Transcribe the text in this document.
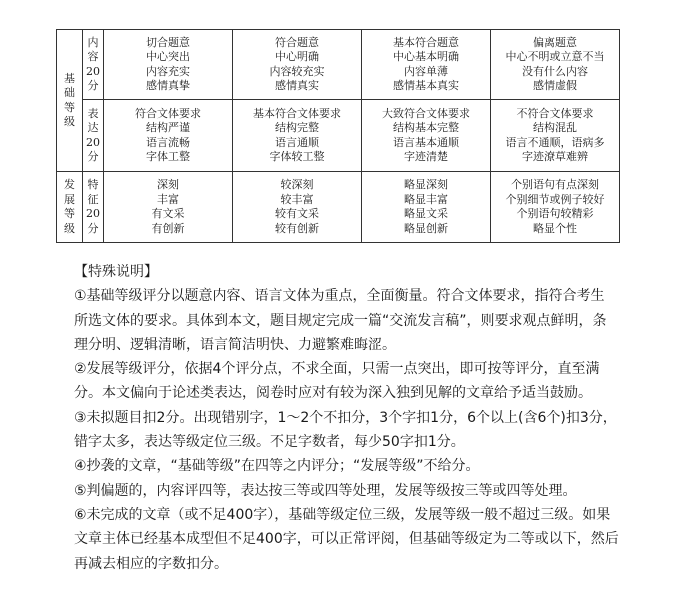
基
础
等
级	内
容
20
分	切合题意
中心突出
内容充实
感情真挚	符合题意
中心明确
内容较充实
感情真实	基本符合题意
中心基本明确
内容单薄
感情基本真实	偏离题意
中心不明或立意不当
没有什么内容
感情虚假

	表
达
20
分	符合文体要求
结构严谨
语言流畅
字体工整	基本符合文体要求
结构完整
语言通顺
字体较工整	大致符合文体要求
结构基本完整
语言基本通顺
字迹清楚	不符合文体要求
结构混乱
语言不通顺，语病多
字迹潦草难辨

发
展
等
级	特
征
20
分	深刻
丰富
有文采
有创新	较深刻
较丰富
较有文采
较有创新	略显深刻
略显丰富
略显文采
略显创新	个别语句有点深刻
个别细节或例子较好
个别语句较精彩
略显个性

【特殊说明】

①基础等级评分以题意内容、语言文体为重点，全面衡量。符合文体要求，指符合考生

所选文体的要求。具体到本文，题目规定完成一篇“交流发言稿”，则要求观点鲜明，条

理分明、逻辑清晰，语言简洁明快、力避繁难晦涩。

②发展等级评分，依据4个评分点，不求全面，只需一点突出，即可按等评分，直至满

分。本文偏向于论述类表达，阅卷时应对有较为深入独到见解的文章给予适当鼓励。

③未拟题目扣2分。出现错别字，1～2个不扣分，3个字扣1分，6个以上(含6个)扣3分，

错字太多，表达等级定位三级。不足字数者，每少50字扣1分。

④抄袭的文章，“基础等级”在四等之内评分；“发展等级”不给分。

⑤判偏题的，内容评四等，表达按三等或四等处理，发展等级按三等或四等处理。

⑥未完成的文章（或不足400字），基础等级定位三级，发展等级一般不超过三级。如果

文章主体已经基本成型但不足400字，可以正常评阅，但基础等级定为二等或以下，然后

再减去相应的字数扣分。
